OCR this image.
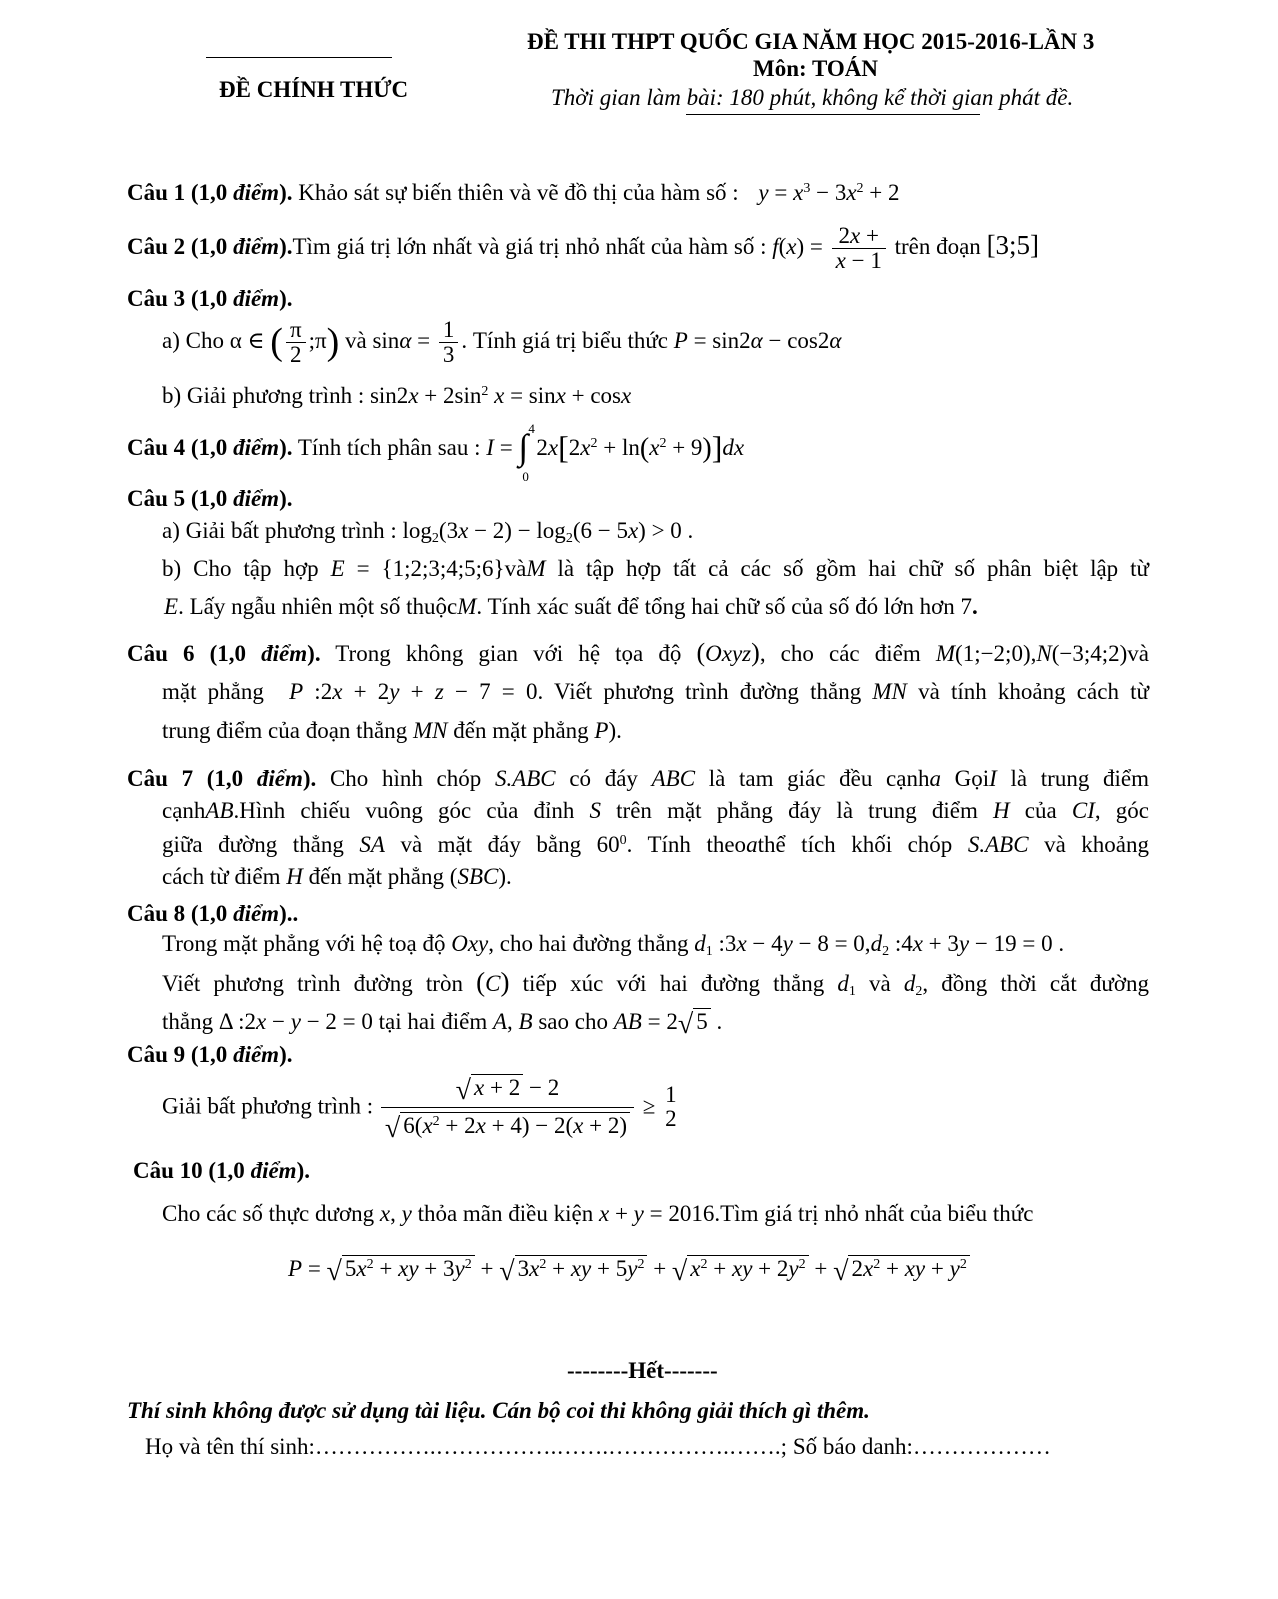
ĐỀ CHÍNH THỨC
ĐỀ THI THPT QUỐC GIA NĂM HỌC 2015-2016-LẦN 3
Môn: TOÁN
Thời gian làm bài: 180 phút, không kể thời gian phát đề.
Câu 1 (1,0 điểm). Khảo sát sự biến thiên và vẽ đồ thị của hàm số : $y = x^3 - 3x^2 + 2$
Câu 2 (1,0 điểm).Tìm giá trị lớn nhất và giá trị nhỏ nhất của hàm số : $f(x) = \frac{2x +}{x - 1}$ trên đoạn [3;5]
Câu 3 (1,0 điểm).
a) Cho α ∈ ( $\frac{\pi}{2}$ ;π) và $\sin\alpha = \frac{1}{3}$ . Tính giá trị biểu thức P = sin2α − cos2α
b) Giải phương trình : $\sin 2x + 2\sin^2$ x = sinx + cosx
Câu 4 (1,0 điểm). Tính tích phân sau : I = ∫ 4
0
$2x[2x^2 + \ln(x^2 + 9)]dx$
Câu 5 (1,0 điểm).
a) Giải bất phương trình : $\log_2(3x - 2) - \log_2(6 - 5x) > 0$ .
b) Cho tập hợp E = {1;2;3;4;5;6}vàM là tập hợp tất cả các số gồm hai chữ số phân biệt lập từ
E. Lấy ngẫu nhiên một số thuộcM. Tính xác suất để tổng hai chữ số của số đó lớn hơn 7.
Câu 6 (1,0 điểm). Trong không gian với hệ tọa độ (Oxyz), cho các điểm M(1;−2;0),N(−3;4;2)và
mặt phẳng P :2x + 2y + z − 7 = 0. Viết phương trình đường thẳng MN và tính khoảng cách từ
trung điểm của đoạn thẳng MN đến mặt phẳng P).
Câu 7 (1,0 điểm). Cho hình chóp S.ABC có đáy ABC là tam giác đều cạnha GọiI là trung điểm
cạnhAB.Hình chiếu vuông góc của đỉnh S trên mặt phẳng đáy là trung điểm H của CI, góc
giữa đường thẳng SA và mặt đáy bằng $60^0$. Tính theoathể tích khối chóp S.ABC và khoảng
cách từ điểm H đến mặt phẳng (SBC).
Câu 8 (1,0 điểm)..
Trong mặt phẳng với hệ toạ độ Oxy, cho hai đường thẳng $d_1$ :3x − $4y - 8 = 0,d_2$ :4x + 3y − 19 = 0 .
Viết phương trình đường tròn (C) tiếp xúc với hai đường thẳng $d_1$ và $d_2$, đồng thời cắt đường
thẳng Δ :2x − y − 2 = 0 tại hai điểm A, B sao cho AB = 2√ 5 .
Câu 9 (1,0 điểm).
Giải bất phương trình : $\frac{√ x + 2 - 2}{√ 6(x^2 + 2x + 4) - 2(x + 2)} \ge 1$
2
Câu 10 (1,0 điểm).
Cho các số thực dương x, y thỏa mãn điều kiện x + y = 2016.Tìm giá trị nhỏ nhất của biểu thức
P = √ $5x^2$ + xy + $3y^2$ + √ $3x^2$ + xy + $5y^2$ + √ $x^2$ + xy + $2y^2$ + √ $2x^2$ + xy + $y^2$
--------Hết-------
Thí sinh không được sử dụng tài liệu. Cán bộ coi thi không giải thích gì thêm.
Họ và tên thí sinh:…………….…………….…….…………….…….; Số báo danh:………………
